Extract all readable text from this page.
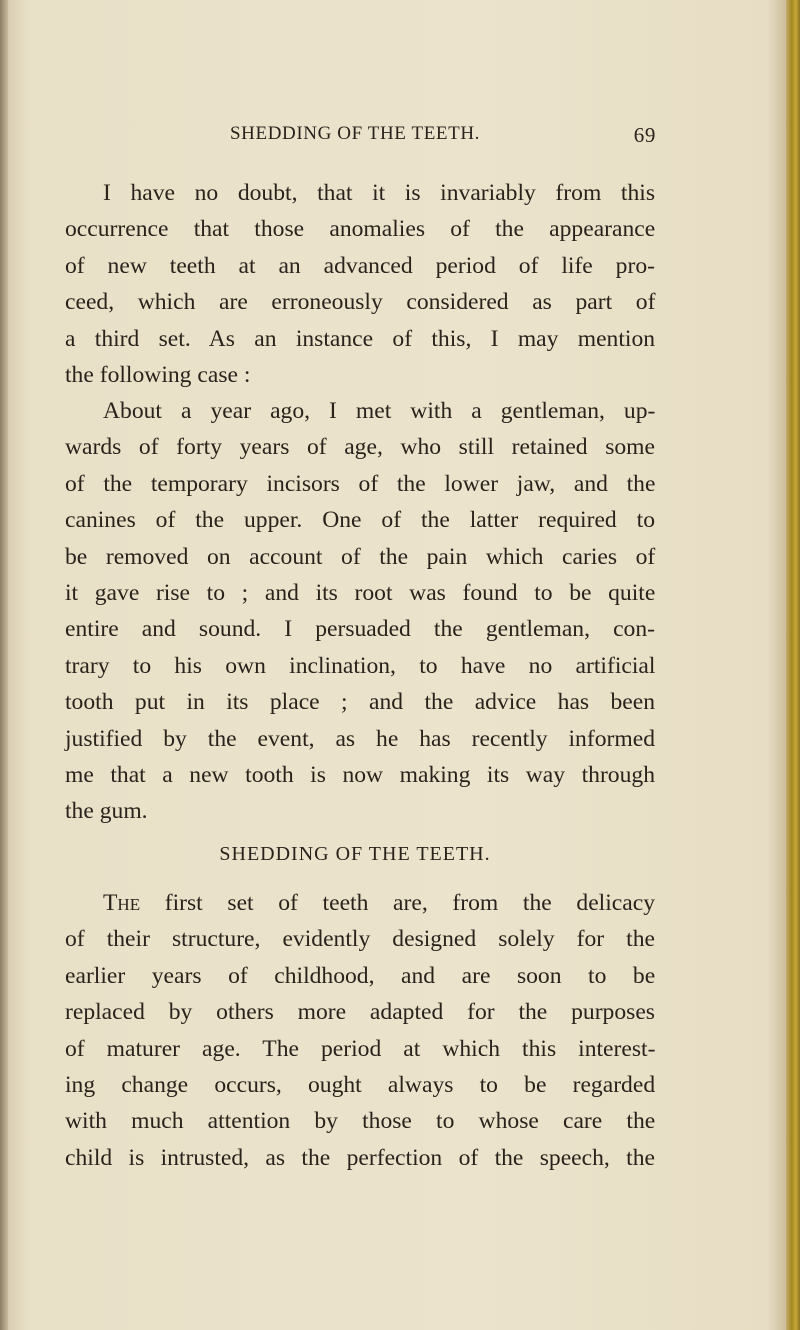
SHEDDING OF THE TEETH.	69
I have no doubt, that it is invariably from this
occurrence that those anomalies of the appearance
of new teeth at an advanced period of life pro-
ceed, which are erroneously considered as part of
a third set. As an instance of this, I may mention
the following case :
About a year ago, I met with a gentleman, up-
wards of forty years of age, who still retained some
of the temporary incisors of the lower jaw, and the
canines of the upper. One of the latter required to
be removed on account of the pain which caries of
it gave rise to ; and its root was found to be quite
entire and sound. I persuaded the gentleman, con-
trary to his own inclination, to have no artificial
tooth put in its place ; and the advice has been
justified by the event, as he has recently informed
me that a new tooth is now making its way through
the gum.
SHEDDING OF THE TEETH.
The first set of teeth are, from the delicacy
of their structure, evidently designed solely for the
earlier years of childhood, and are soon to be
replaced by others more adapted for the purposes
of maturer age. The period at which this interest-
ing change occurs, ought always to be regarded
with much attention by those to whose care the
child is intrusted, as the perfection of the speech, the
